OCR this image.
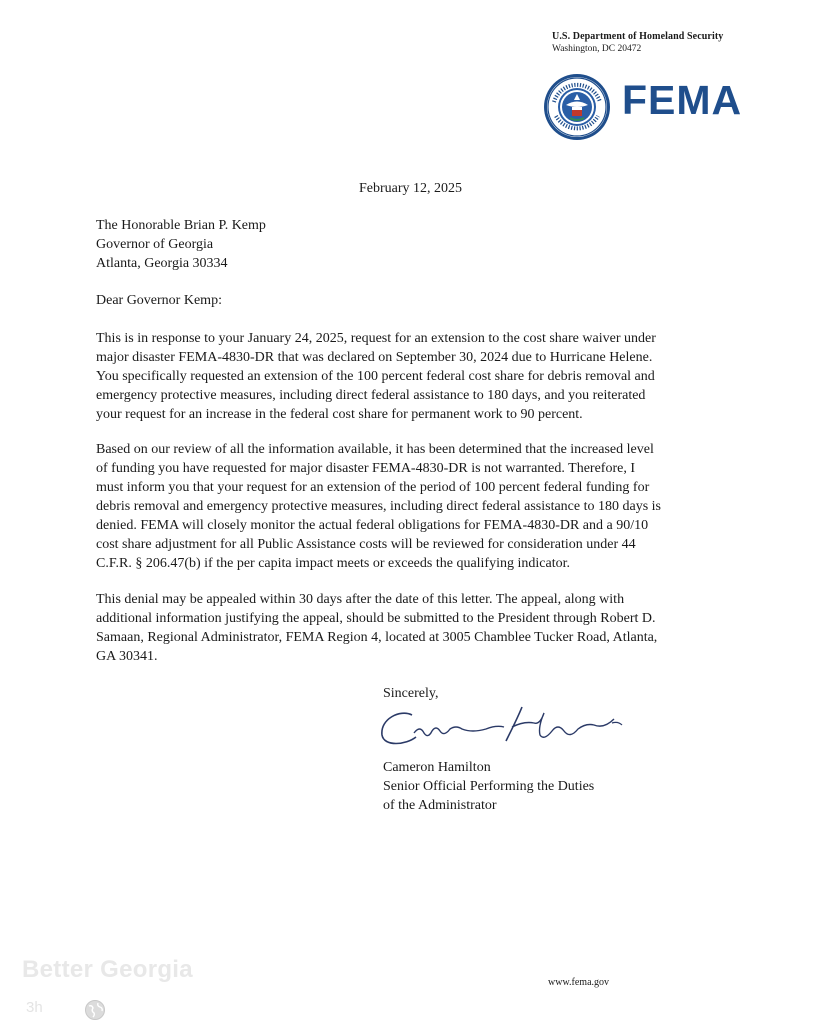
U.S. Department of Homeland Security
Washington, DC 20472
FEMA
February 12, 2025
The Honorable Brian P. Kemp
Governor of Georgia
Atlanta, Georgia 30334
Dear Governor Kemp:
This is in response to your January 24, 2025, request for an extension to the cost share waiver under
major disaster FEMA-4830-DR that was declared on September 30, 2024 due to Hurricane Helene.
You specifically requested an extension of the 100 percent federal cost share for debris removal and
emergency protective measures, including direct federal assistance to 180 days, and you reiterated
your request for an increase in the federal cost share for permanent work to 90 percent.
Based on our review of all the information available, it has been determined that the increased level
of funding you have requested for major disaster FEMA-4830-DR is not warranted. Therefore, I
must inform you that your request for an extension of the period of 100 percent federal funding for
debris removal and emergency protective measures, including direct federal assistance to 180 days is
denied. FEMA will closely monitor the actual federal obligations for FEMA-4830-DR and a 90/10
cost share adjustment for all Public Assistance costs will be reviewed for consideration under 44
C.F.R. § 206.47(b) if the per capita impact meets or exceeds the qualifying indicator.
This denial may be appealed within 30 days after the date of this letter. The appeal, along with
additional information justifying the appeal, should be submitted to the President through Robert D.
Samaan, Regional Administrator, FEMA Region 4, located at 3005 Chamblee Tucker Road, Atlanta,
GA 30341.
Sincerely,
Cameron Hamilton
Senior Official Performing the Duties
of the Administrator
www.fema.gov
Better Georgia
3h
